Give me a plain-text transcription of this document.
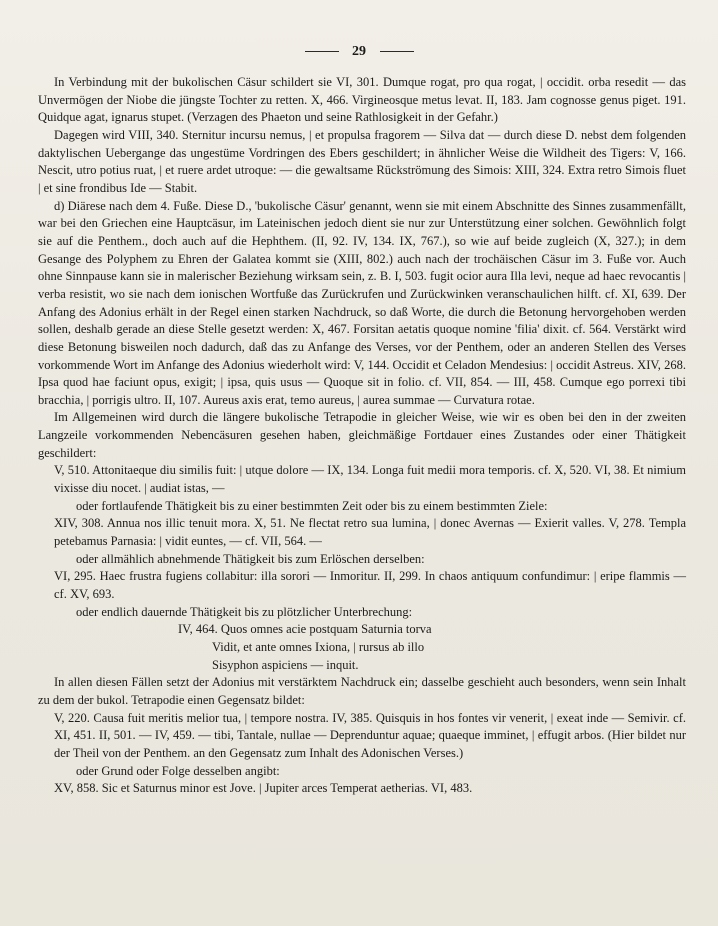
29

In Verbindung mit der bukolischen Cäsur schildert sie VI, 301. Dumque rogat, pro qua rogat, | occidit. orba resedit — das Unvermögen der Niobe die jüngste Tochter zu retten. X, 466. Virgineosque metus levat. II, 183. Jam cognosse genus piget. 191. Quidque agat, ignarus stupet. (Verzagen des Phaeton und seine Rathlosigkeit in der Gefahr.)

Dagegen wird VIII, 340. Sternitur incursu nemus, | et propulsa fragorem — Silva dat — durch diese D. nebst dem folgenden daktylischen Uebergange das ungestüme Vordringen des Ebers geschildert; in ähnlicher Weise die Wildheit des Tigers: V, 166. Nescit, utro potius ruat, | et ruere ardet utroque: — die gewaltsame Rückströmung des Simois: XIII, 324. Extra retro Simois fluet | et sine frondibus Ide — Stabit.

d) Diärese nach dem 4. Fuße. Diese D., 'bukolische Cäsur' genannt, wenn sie mit einem Abschnitte des Sinnes zusammenfällt, war bei den Griechen eine Hauptcäsur, im Lateinischen jedoch dient sie nur zur Unterstützung einer solchen. Gewöhnlich folgt sie auf die Penthem., doch auch auf die Hephthem. (II, 92. IV, 134. IX, 767.), so wie auf beide zugleich (X, 327.); in dem Gesange des Polyphem zu Ehren der Galatea kommt sie (XIII, 802.) auch nach der trochäischen Cäsur im 3. Fuße vor. Auch ohne Sinnpause kann sie in malerischer Beziehung wirksam sein, z. B. I, 503. fugit ocior aura Illa levi, neque ad haec revocantis | verba resistit, wo sie nach dem ionischen Wortfuße das Zurückrufen und Zurückwinken veranschaulichen hilft. cf. XI, 639. Der Anfang des Adonius erhält in der Regel einen starken Nachdruck, so daß Worte, die durch die Betonung hervorgehoben werden sollen, deshalb gerade an diese Stelle gesetzt werden: X, 467. Forsitan aetatis quoque nomine 'filia' dixit. cf. 564. Verstärkt wird diese Betonung bisweilen noch dadurch, daß das zu Anfange des Verses, vor der Penthem, oder an anderen Stellen des Verses vorkommende Wort im Anfange des Adonius wiederholt wird: V, 144. Occidit et Celadon Mendesius: | occidit Astreus. XIV, 268. Ipsa quod hae faciunt opus, exigit; | ipsa, quis usus — Quoque sit in folio. cf. VII, 854. — III, 458. Cumque ego porrexi tibi bracchia, | porrigis ultro. II, 107. Aureus axis erat, temo aureus, | aurea summae — Curvatura rotae.

Im Allgemeinen wird durch die längere bukolische Tetrapodie in gleicher Weise, wie wir es oben bei den in der zweiten Langzeile vorkommenden Nebencäsuren gesehen haben, gleichmäßige Fortdauer eines Zustandes oder einer Thätigkeit geschildert:

V, 510. Attonitaeque diu similis fuit: | utque dolore — IX, 134. Longa fuit medii mora temporis. cf. X, 520. VI, 38. Et nimium vixisse diu nocet. | audiat istas, —

oder fortlaufende Thätigkeit bis zu einer bestimmten Zeit oder bis zu einem bestimmten Ziele:

XIV, 308. Annua nos illic tenuit mora. X, 51. Ne flectat retro sua lumina, | donec Avernas — Exierit valles. V, 278. Templa petebamus Parnasia: | vidit euntes, — cf. VII, 564. —

oder allmählich abnehmende Thätigkeit bis zum Erlöschen derselben:

VI, 295. Haec frustra fugiens collabitur: illa sorori — Inmoritur. II, 299. In chaos antiquum confundimur: | eripe flammis — cf. XV, 693.

oder endlich dauernde Thätigkeit bis zu plötzlicher Unterbrechung:

IV, 464. Quos omnes acie postquam Saturnia torva

Vidit, et ante omnes Ixiona, | rursus ab illo

Sisyphon aspiciens — inquit.

In allen diesen Fällen setzt der Adonius mit verstärktem Nachdruck ein; dasselbe geschieht auch besonders, wenn sein Inhalt zu dem der bukol. Tetrapodie einen Gegensatz bildet:

V, 220. Causa fuit meritis melior tua, | tempore nostra. IV, 385. Quisquis in hos fontes vir venerit, | exeat inde — Semivir. cf. XI, 451. II, 501. — IV, 459. — tibi, Tantale, nullae — Deprenduntur aquae; quaeque imminet, | effugit arbos. (Hier bildet nur der Theil von der Penthem. an den Gegensatz zum Inhalt des Adonischen Verses.)

oder Grund oder Folge desselben angibt:

XV, 858. Sic et Saturnus minor est Jove. | Jupiter arces Temperat aetherias. VI, 483.
